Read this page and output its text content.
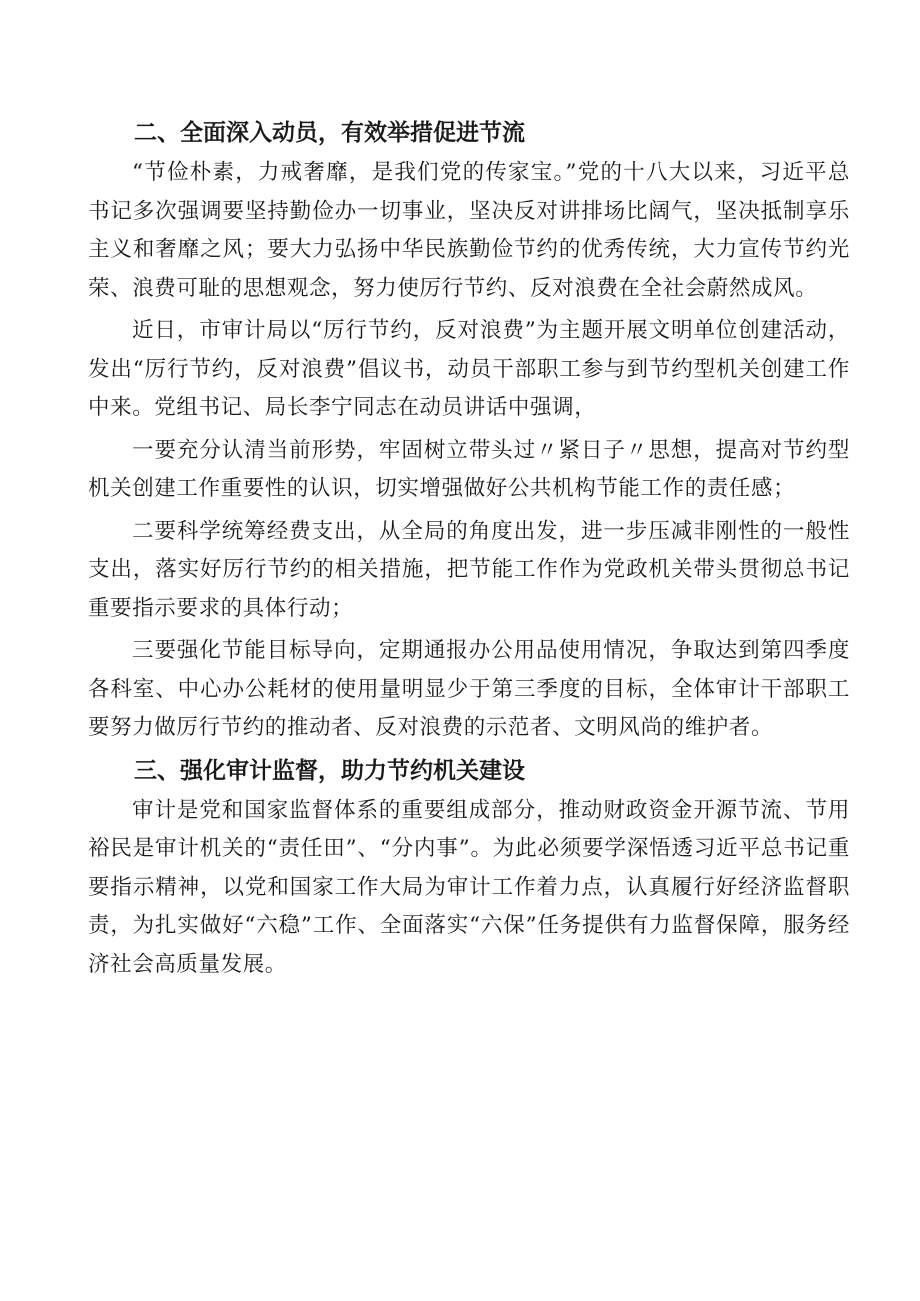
二、全面深入动员，有效举措促进节流

“节俭朴素，力戒奢靡，是我们党的传家宝。”党的十八大以来，习近平总书记多次强调要坚持勤俭办一切事业，坚决反对讲排场比阔气，坚决抵制享乐主义和奢靡之风；要大力弘扬中华民族勤俭节约的优秀传统，大力宣传节约光荣、浪费可耻的思想观念，努力使厉行节约、反对浪费在全社会蔚然成风。

近日，市审计局以“厉行节约，反对浪费”为主题开展文明单位创建活动，发出“厉行节约，反对浪费”倡议书，动员干部职工参与到节约型机关创建工作中来。党组书记、局长李宁同志在动员讲话中强调，

一要充分认清当前形势，牢固树立带头过〃紧日子〃思想，提高对节约型机关创建工作重要性的认识，切实增强做好公共机构节能工作的责任感；

二要科学统筹经费支出，从全局的角度出发，进一步压减非刚性的一般性支出，落实好厉行节约的相关措施，把节能工作作为党政机关带头贯彻总书记重要指示要求的具体行动；

三要强化节能目标导向，定期通报办公用品使用情况，争取达到第四季度各科室、中心办公耗材的使用量明显少于第三季度的目标，全体审计干部职工要努力做厉行节约的推动者、反对浪费的示范者、文明风尚的维护者。

三、强化审计监督，助力节约机关建设

审计是党和国家监督体系的重要组成部分，推动财政资金开源节流、节用裕民是审计机关的“责任田”、“分内事”。为此必须要学深悟透习近平总书记重要指示精神，以党和国家工作大局为审计工作着力点，认真履行好经济监督职责，为扎实做好“六稳”工作、全面落实“六保”任务提供有力监督保障，服务经济社会高质量发展。
